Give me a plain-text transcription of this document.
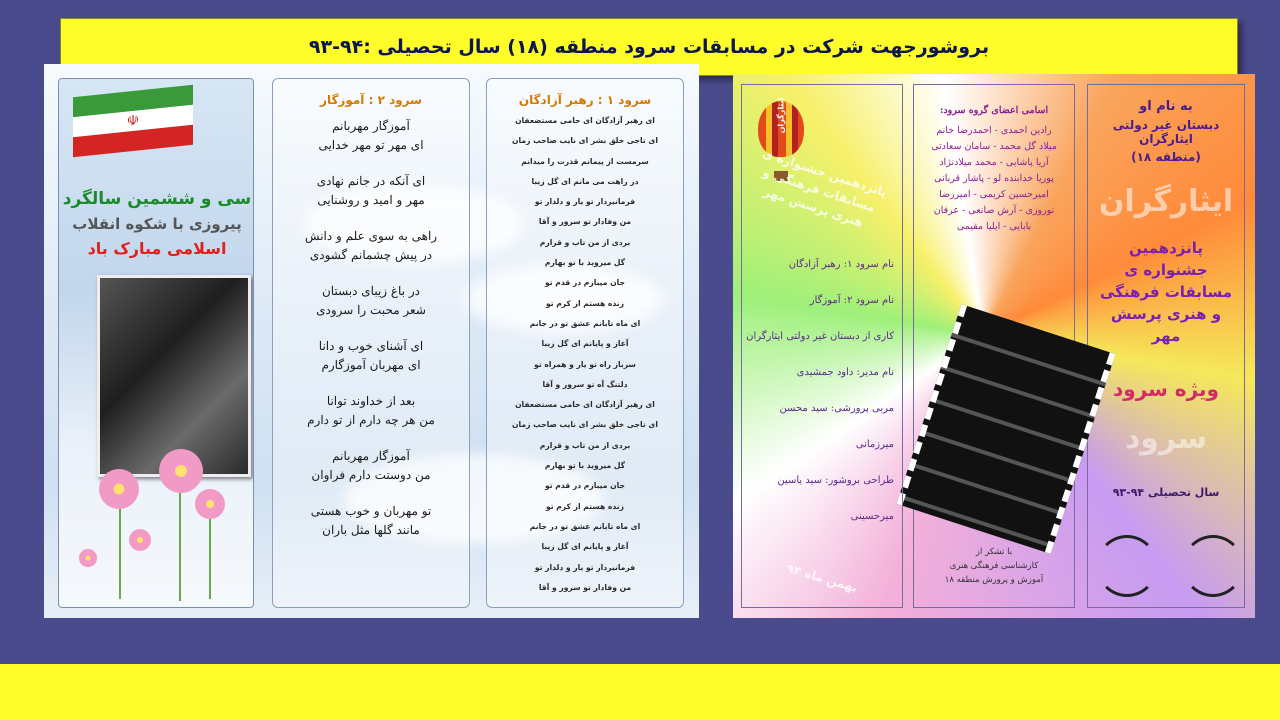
بروشورجهت شرکت در مسابقات سرود منطقه (۱۸) سال تحصیلی :۹۴-۹۳
☫
سی و ششمین سالگرد
پیروزی با شکوه انقلاب
اسلامی مبارک باد
سرود ۲ : آموزگار
آموزگار مهربانم
ای مهر تو مهر خدایی
ای آنکه در جانم نهادی
مهر و امید و روشنایی
راهی به سوی علم و دانش
در پیش چشمانم گشودی
در باغ زیبای دبستان
شعر محبت را سرودی
ای آشنای خوب و دانا
ای مهربان آموزگارم
بعد از خداوند توانا
من هر چه دارم از تو دارم
آموزگار مهربانم
من دوستت دارم فراوان
تو مهربان و خوب هستی
مانند گلها مثل باران
سرود ۱ : رهبر آزادگان
ای رهبر آزادگان ای حامی مستضعفان
ای تاجی خلق بشر ای نایب صاحب زمان
سرمست از پیمانم قدرت را میدانم
در راهت می مانم ای گل زیبا
فرمانبردار تو یار و دلدار تو
من وفادار تو سرور و آقا
بردی از من تاب و قرارم
گل میروید با تو بهارم
جان میبازم در قدم تو
زنده هستم از کرم تو
ای ماه تابانم عشق تو در جانم
آغاز و پایانم ای گل زیبا
سرباز راه تو یار و همراه تو
دلتنگ آه تو سرور و آقا
ای رهبر آزادگان ای حامی مستضعفان
ای تاجی خلق بشر ای نایب صاحب زمان
بردی از من تاب و قرارم
گل میروید با تو بهارم
جان میبازم در قدم تو
زنده هستم از کرم تو
ای ماه تابانم عشق تو در جانم
آغاز و پایانم ای گل زیبا
فرمانبردار تو یار و دلدار تو
من وفادار تو سرور و آقا
به نام او
دبستان غیر دولتی ایثارگران
(منطقه ۱۸)
ایثارگران
پانزدهمین جشنواره ی مسابقات فرهنگی و هنری پرسش مهر
ویژه سرود
سرود
سال تحصیلی ۹۴-۹۳
اسامی اعضای گروه سرود:
رادین احمدی - احمدرضا خانم
میلاد گل محمد - سامان سعادتی
آریا پاشایی - محمد میلادنژاد
پوریا خدابنده لو - پاشار قربانی
امیرحسین کریمی - امیررضا
نوروزی - آرش صانعی - عرفان
بابایی - ایلیا مقیمی
با تشکر از
کارشناسی فرهنگی هنری
آموزش و پرورش منطقه ۱۸
ایثارگران
پانزدهمین جشنواره ی مسابقات فرهنگی و هنری پرسش مهر
نام سرود ۱: رهبر آزادگان
نام سرود ۲: آموزگار
کاری از دبستان غیر دولتی ایثارگران
نام مدیر: داود جمشیدی
مربی پرورشی: سید محسن میرزمانی
طراحی بروشور: سید یاسین میرحسینی
بهمن ماه ۹۳
